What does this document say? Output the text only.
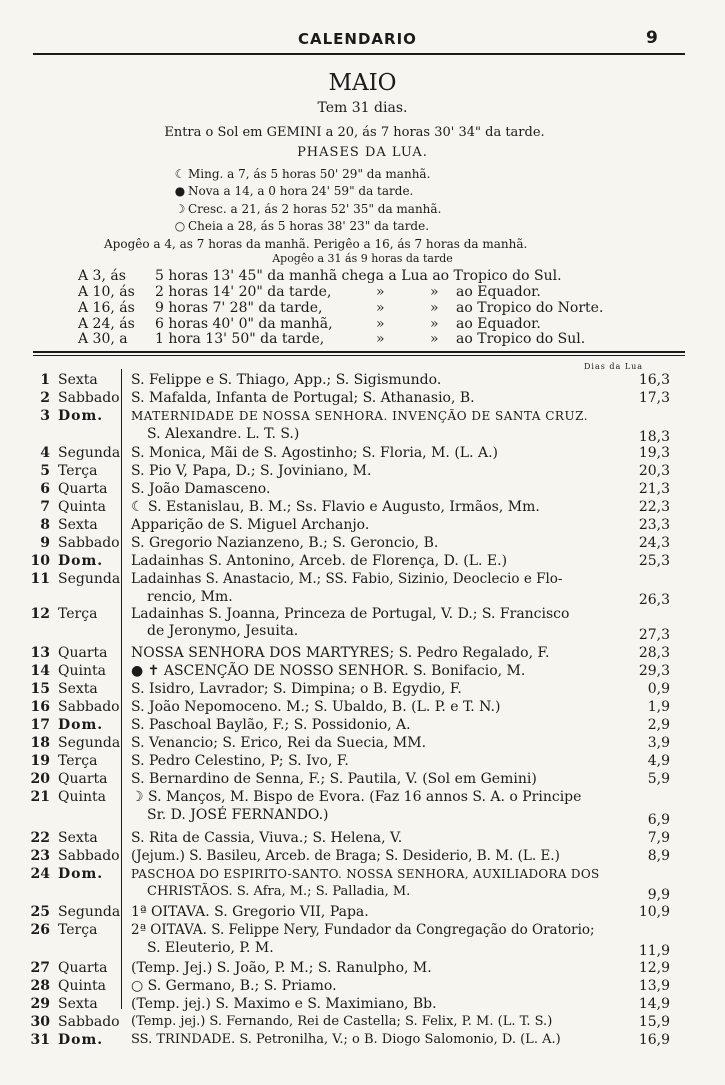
CALENDARIO	9
MAIO
Tem 31 dias.
Entra o Sol em GEMINI a 20, ás 7 horas 30' 34" da tarde.
PHASES DA LUA.
☾ Ming. a 7, ás 5 horas 50' 29" da manhã.
● Nova a 14, a 0 hora 24' 59" da tarde.
☽ Cresc. a 21, ás 2 horas 52' 35" da manhã.
○ Cheia a 28, ás 5 horas 38' 23" da tarde.
Apogêo a 4, as 7 horas da manhã. Perigêo a 16, ás 7 horas da manhã.
Apogêo a 31 ás 9 horas da tarde
A 3, ás 5 horas 13' 45" da manhã chega a Lua ao Tropico do Sul.
A 10, ás 2 horas 14' 20" da tarde,	»	» ao Equador.
A 16, ás 9 horas 7' 28" da tarde,	»	» ao Tropico do Norte.
A 24, ás 6 horas 40' 0" da manhã,	»	» ao Equador.
A 30, a 1 hora 13' 50" da tarde,	»	» ao Tropico do Sul.
Dias da Lua
1 Sexta S. Felippe e S. Thiago, App.; S. Sigismundo.	16,3
2 Sabbado S. Mafalda, Infanta de Portugal; S. Athanasio, B.	17,3
3 Dom. MATERNIDADE DE NOSSA SENHORA. INVENÇÃO DE SANTA CRUZ.
S. Alexandre. L. T. S.)	18,3
4 Segunda S. Monica, Mãi de S. Agostinho; S. Floria, M. (L. A.)	19,3
5 Terça S. Pio V, Papa, D.; S. Joviniano, M.	20,3
6 Quarta S. João Damasceno.	21,3
7 Quinta ☾ S. Estanislau, B. M.; Ss. Flavio e Augusto, Irmãos, Mm.	22,3
8 Sexta Apparição de S. Miguel Archanjo.	23,3
9 Sabbado S. Gregorio Nazianzeno, B.; S. Geroncio, B.	24,3
10 Dom. Ladainhas S. Antonino, Arceb. de Florença, D. (L. E.)	25,3
11 Segunda Ladainhas S. Anastacio, M.; SS. Fabio, Sizinio, Deoclecio e Flo-
rencio, Mm.	26,3
12 Terça Ladainhas S. Joanna, Princeza de Portugal, V. D.; S. Francisco
de Jeronymo, Jesuita.	27,3
13 Quarta NOSSA SENHORA DOS MARTYRES; S. Pedro Regalado, F.	28,3
14 Quinta ● ✝ ASCENÇÃO DE NOSSO SENHOR. S. Bonifacio, M.	29,3
15 Sexta S. Isidro, Lavrador; S. Dimpina; o B. Egydio, F.	0,9
16 Sabbado S. João Nepomoceno. M.; S. Ubaldo, B. (L. P. e T. N.)	1,9
17 Dom. S. Paschoal Baylão, F.; S. Possidonio, A.	2,9
18 Segunda S. Venancio; S. Erico, Rei da Suecia, MM.	3,9
19 Terça S. Pedro Celestino, P; S. Ivo, F.	4,9
20 Quarta S. Bernardino de Senna, F.; S. Pautila, V. (Sol em Gemini)	5,9
21 Quinta ☽ S. Manços, M. Bispo de Evora. (Faz 16 annos S. A. o Principe
Sr. D. JOSÉ FERNANDO.)	6,9
22 Sexta S. Rita de Cassia, Viuva.; S. Helena, V.	7,9
23 Sabbado (Jejum.) S. Basileu, Arceb. de Braga; S. Desiderio, B. M. (L. E.)	8,9
24 Dom. PASCHOA DO ESPIRITO-SANTO. NOSSA SENHORA, AUXILIADORA DOS
CHRISTÃOS. S. Afra, M.; S. Palladia, M.	9,9
25 Segunda 1ª OITAVA. S. Gregorio VII, Papa.	10,9
26 Terça 2ª OITAVA. S. Felippe Nery, Fundador da Congregação do Oratorio;
S. Eleuterio, P. M.	11,9
27 Quarta (Temp. Jej.) S. João, P. M.; S. Ranulpho, M.	12,9
28 Quinta ○ S. Germano, B.; S. Priamo.	13,9
29 Sexta (Temp. jej.) S. Maximo e S. Maximiano, Bb.	14,9
30 Sabbado (Temp. jej.) S. Fernando, Rei de Castella; S. Felix, P. M. (L. T. S.)	15,9
31 Dom. SS. TRINDADE. S. Petronilha, V.; o B. Diogo Salomonio, D. (L. A.)	16,9
